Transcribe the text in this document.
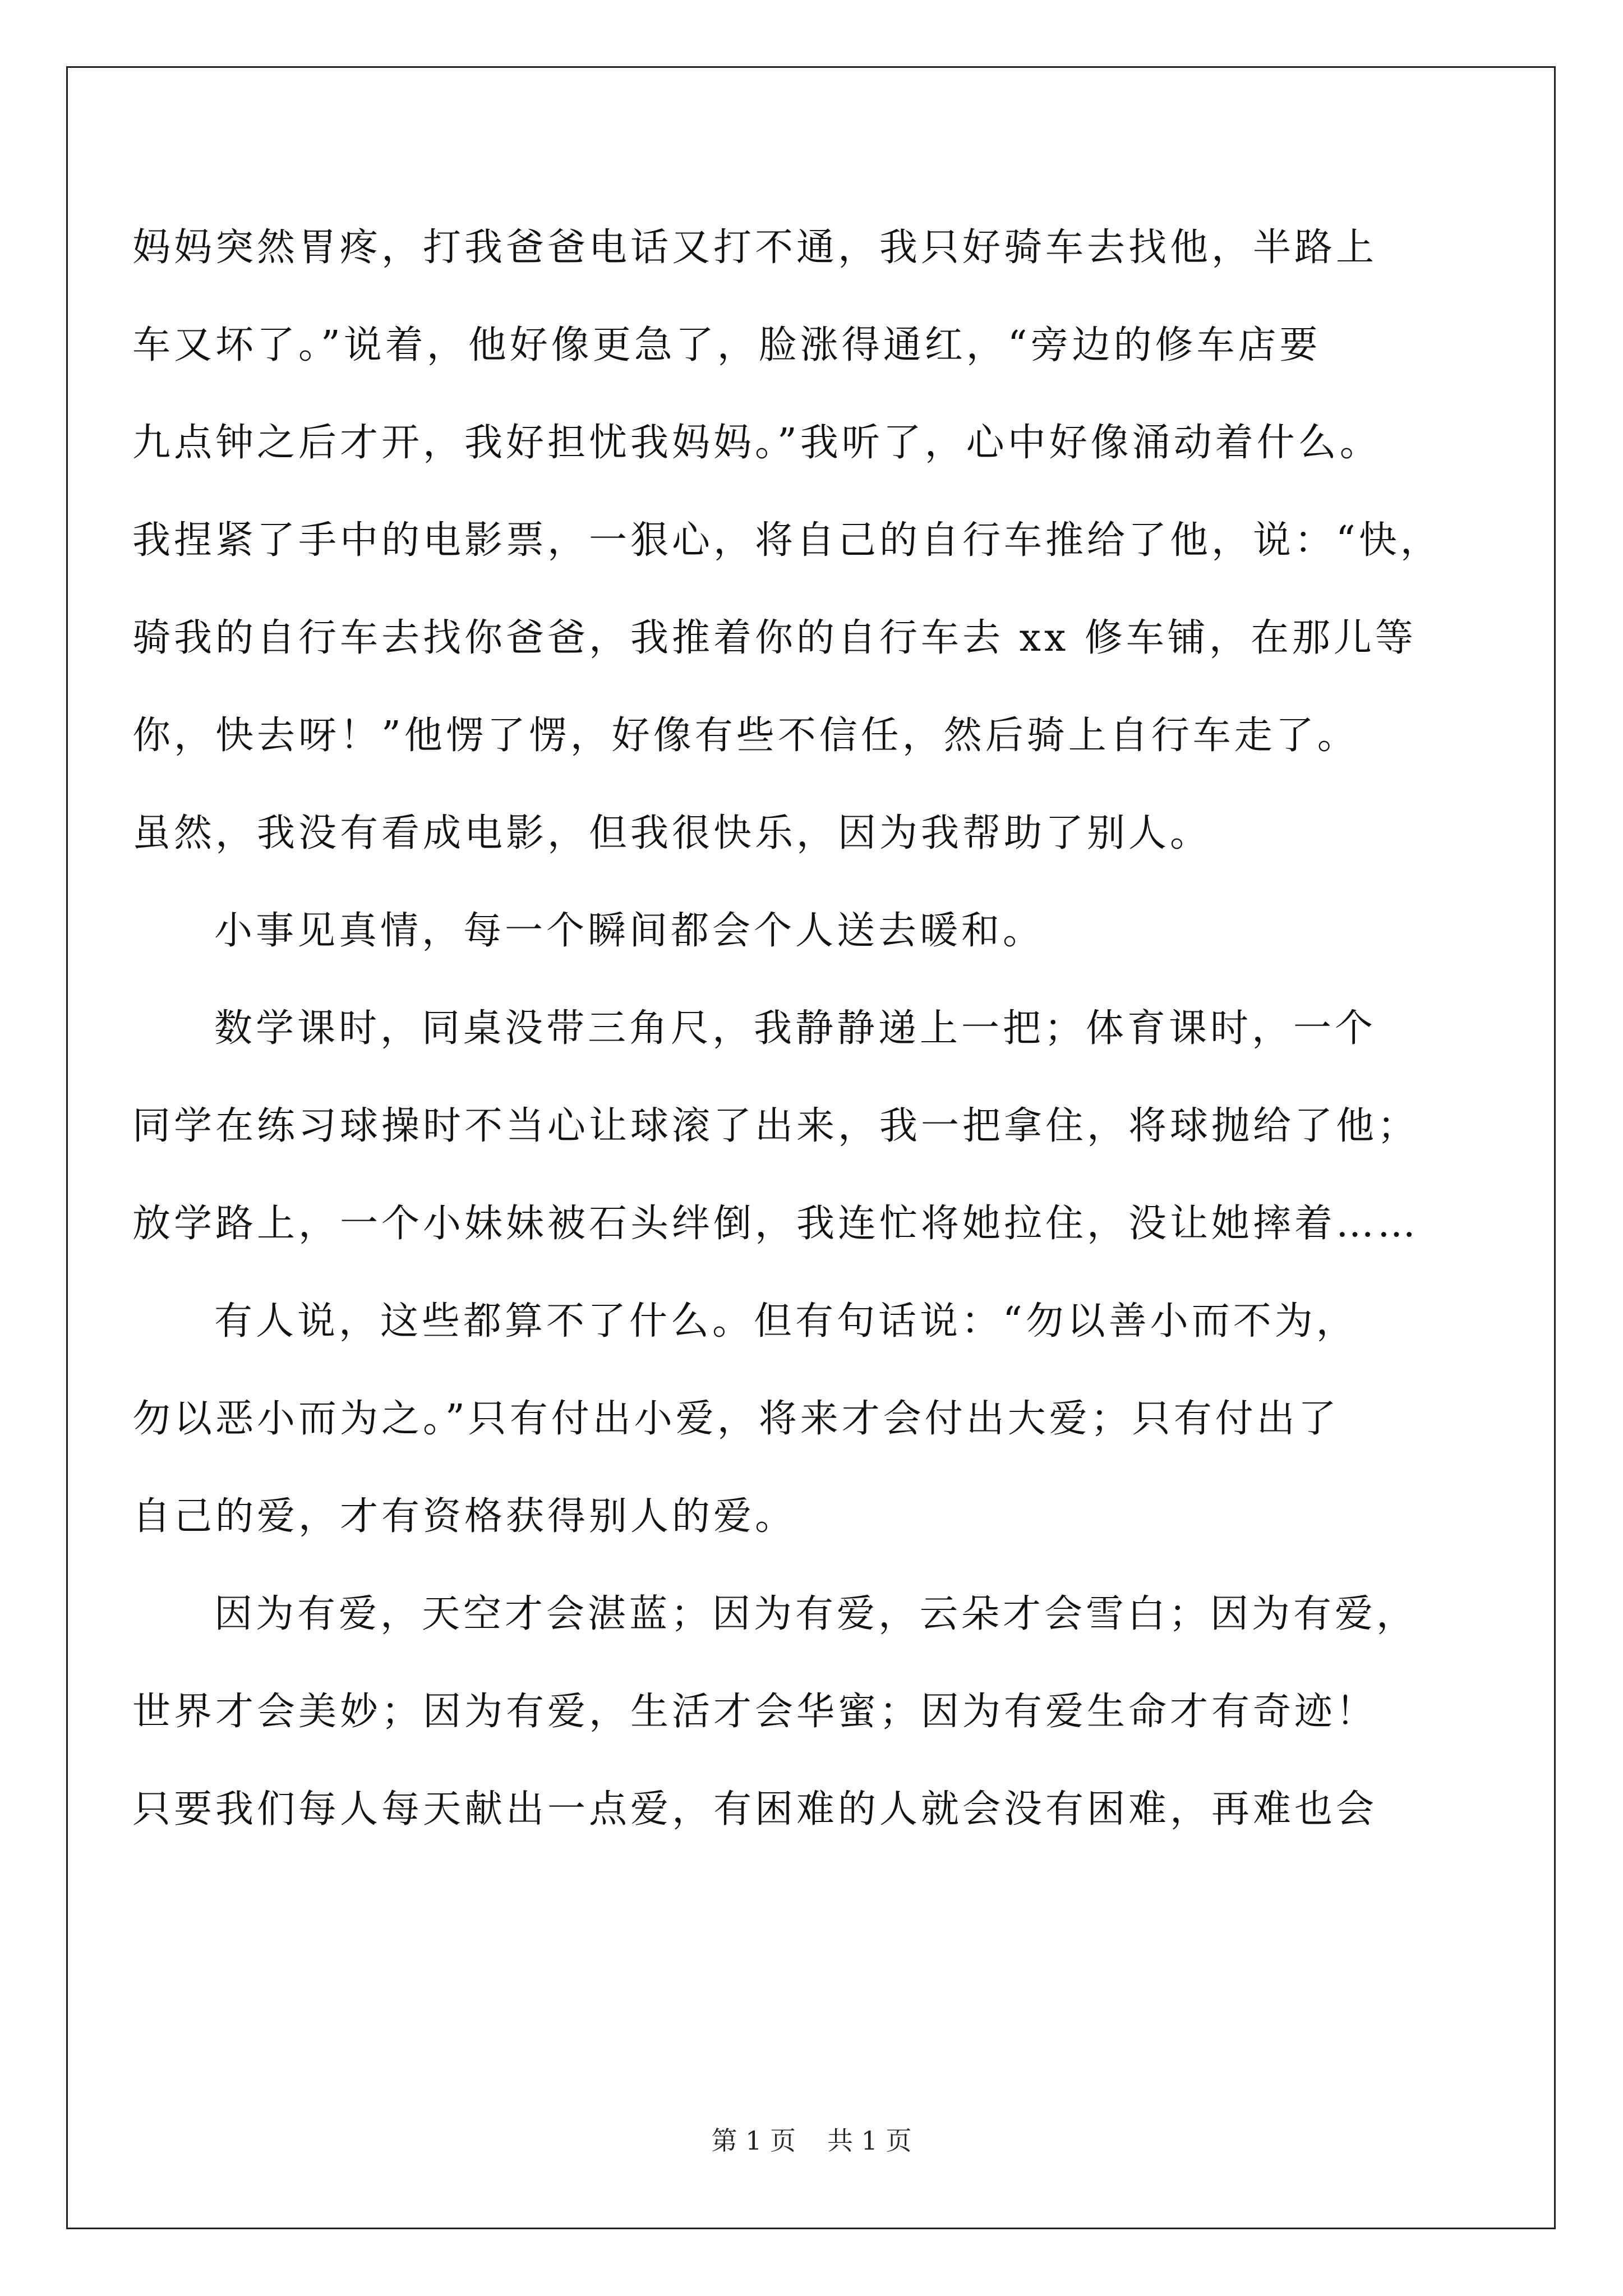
妈妈突然胃疼，打我爸爸电话又打不通，我只好骑车去找他，半路上
车又坏了。”说着，他好像更急了，脸涨得通红，“旁边的修车店要
九点钟之后才开，我好担忧我妈妈。”我听了，心中好像涌动着什么。
我捏紧了手中的电影票，一狠心，将自己的自行车推给了他，说：“快，
骑我的自行车去找你爸爸，我推着你的自行车去 xx 修车铺，在那儿等
你，快去呀！”他愣了愣，好像有些不信任，然后骑上自行车走了。
虽然，我没有看成电影，但我很快乐，因为我帮助了别人。
小事见真情，每一个瞬间都会个人送去暖和。
数学课时，同桌没带三角尺，我静静递上一把；体育课时，一个
同学在练习球操时不当心让球滚了出来，我一把拿住，将球抛给了他；
放学路上，一个小妹妹被石头绊倒，我连忙将她拉住，没让她摔着……
有人说，这些都算不了什么。但有句话说：“勿以善小而不为，
勿以恶小而为之。”只有付出小爱，将来才会付出大爱；只有付出了
自己的爱，才有资格获得别人的爱。
因为有爱，天空才会湛蓝；因为有爱，云朵才会雪白；因为有爱，
世界才会美妙；因为有爱，生活才会华蜜；因为有爱生命才有奇迹！
只要我们每人每天献出一点爱，有困难的人就会没有困难，再难也会
第 1 页 共 1 页
